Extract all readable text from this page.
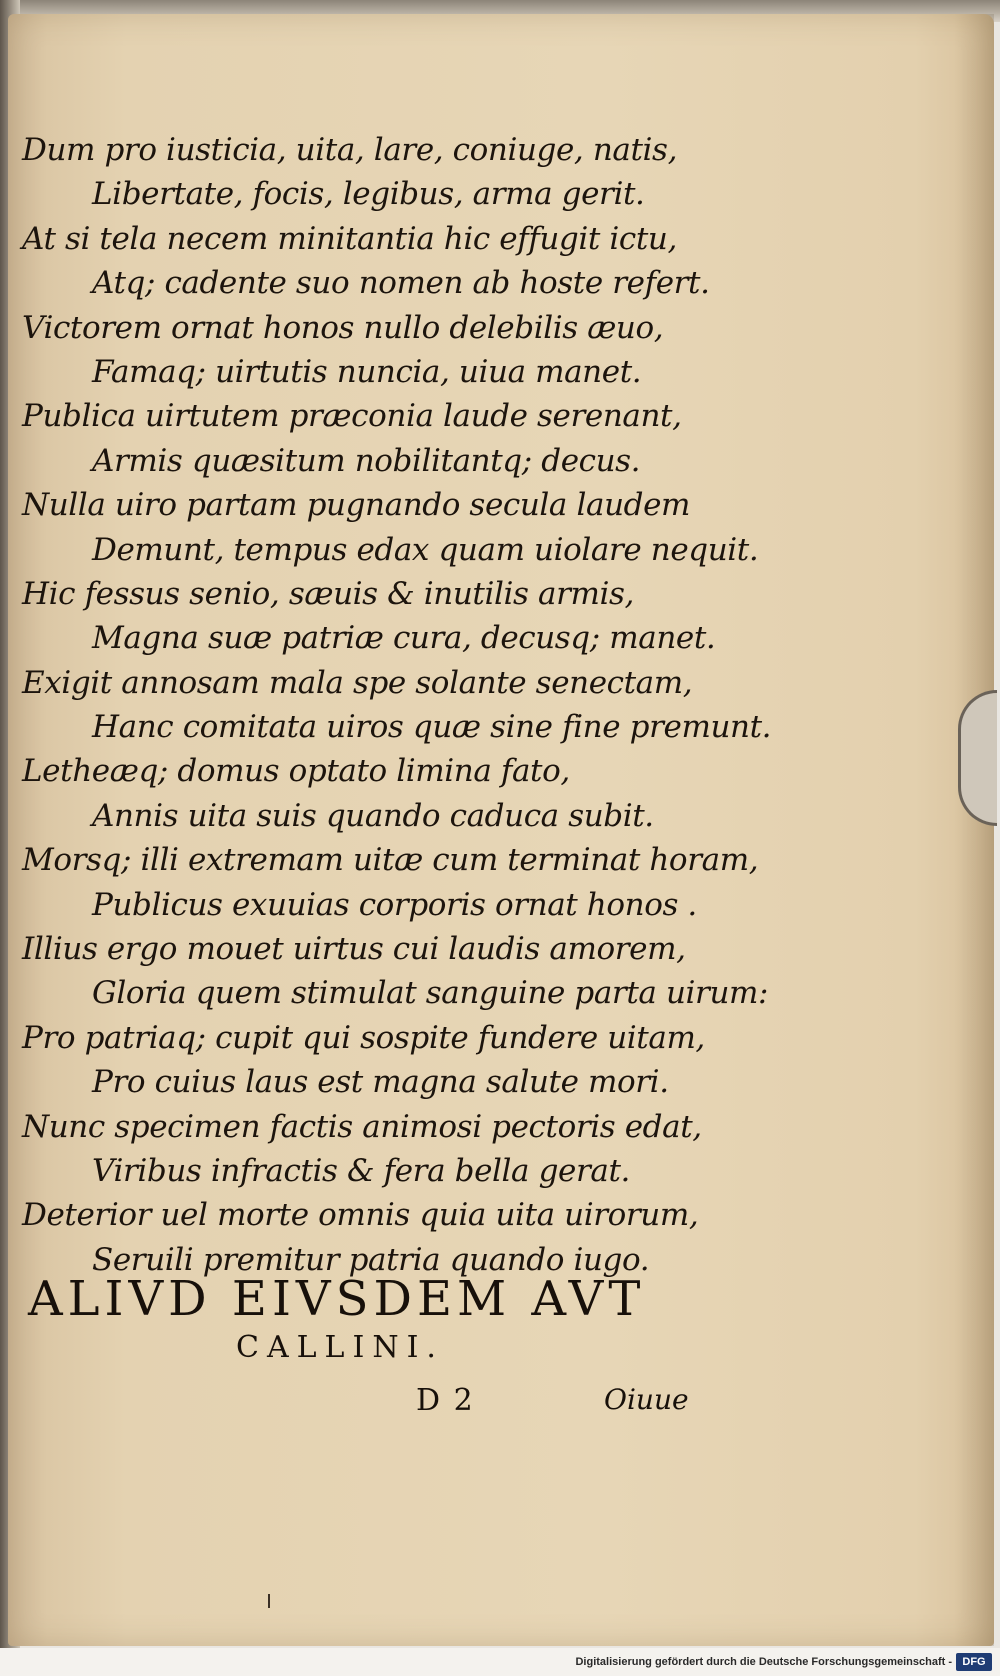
Dum pro iusticia, uita, lare, coniuge, natis,
Libertate, focis, legibus, arma gerit.
At si tela necem minitantia hic effugit ictu,
Atq; cadente suo nomen ab hoste refert.
Victorem ornat honos nullo delebilis æuo,
Famaq; uirtutis nuncia, uiua manet.
Publica uirtutem præconia laude serenant,
Armis quæsitum nobilitantq; decus.
Nulla uiro partam pugnando secula laudem
Demunt, tempus edax quam uiolare nequit.
Hic fessus senio, sæuis & inutilis armis,
Magna suæ patriæ cura, decusq; manet.
Exigit annosam mala spe solante senectam,
Hanc comitata uiros quæ sine fine premunt.
Letheæq; domus optato limina fato,
Annis uita suis quando caduca subit.
Morsq; illi extremam uitæ cum terminat horam,
Publicus exuuias corporis ornat honos .
Illius ergo mouet uirtus cui laudis amorem,
Gloria quem stimulat sanguine parta uirum:
Pro patriaq; cupit qui sospite fundere uitam,
Pro cuius laus est magna salute mori.
Nunc specimen factis animosi pectoris edat,
Viribus infractis & fera bella gerat.
Deterior uel morte omnis quia uita uirorum,
Seruili premitur patria quando iugo.
ALIVD EIVSDEM AVT
CALLINI.
D 2	Oiuue
Digitalisierung gefördert durch die Deutsche Forschungsgemeinschaft - DFG
